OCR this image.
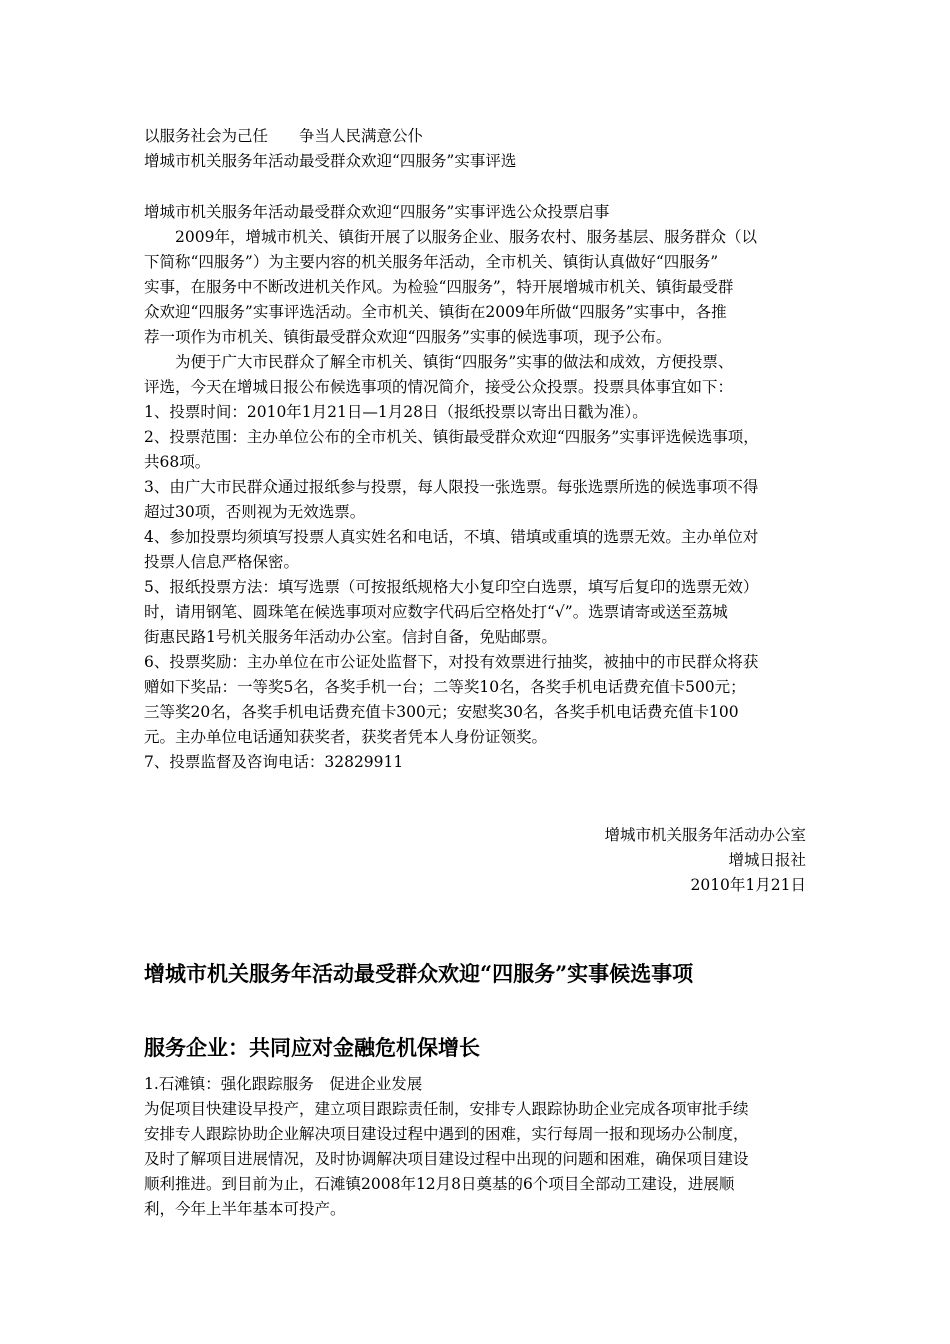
以服务社会为己任　　争当人民满意公仆
增城市机关服务年活动最受群众欢迎“四服务”实事评选
增城市机关服务年活动最受群众欢迎“四服务”实事评选公众投票启事
2009年，增城市机关、镇街开展了以服务企业、服务农村、服务基层、服务群众（以
下简称“四服务”）为主要内容的机关服务年活动，全市机关、镇街认真做好“四服务”
实事，在服务中不断改进机关作风。为检验“四服务”，特开展增城市机关、镇街最受群
众欢迎“四服务”实事评选活动。全市机关、镇街在2009年所做“四服务”实事中，各推
荐一项作为市机关、镇街最受群众欢迎“四服务”实事的候选事项，现予公布。
为便于广大市民群众了解全市机关、镇街“四服务”实事的做法和成效，方便投票、
评选，今天在增城日报公布候选事项的情况简介，接受公众投票。投票具体事宜如下：
1、投票时间：2010年1月21日—1月28日（报纸投票以寄出日戳为准）。
2、投票范围：主办单位公布的全市机关、镇街最受群众欢迎“四服务”实事评选候选事项，
共68项。
3、由广大市民群众通过报纸参与投票，每人限投一张选票。每张选票所选的候选事项不得
超过30项，否则视为无效选票。
4、参加投票均须填写投票人真实姓名和电话，不填、错填或重填的选票无效。主办单位对
投票人信息严格保密。
5、报纸投票方法：填写选票（可按报纸规格大小复印空白选票，填写后复印的选票无效）
时，请用钢笔、圆珠笔在候选事项对应数字代码后空格处打“√”。选票请寄或送至荔城
街惠民路1号机关服务年活动办公室。信封自备，免贴邮票。
6、投票奖励：主办单位在市公证处监督下，对投有效票进行抽奖，被抽中的市民群众将获
赠如下奖品：一等奖5名，各奖手机一台；二等奖10名，各奖手机电话费充值卡500元；
三等奖20名，各奖手机电话费充值卡300元；安慰奖30名，各奖手机电话费充值卡100
元。主办单位电话通知获奖者，获奖者凭本人身份证领奖。
7、投票监督及咨询电话：32829911
增城市机关服务年活动办公室
增城日报社
2010年1月21日
增城市机关服务年活动最受群众欢迎“四服务”实事候选事项
服务企业：共同应对金融危机保增长
1.石滩镇：强化跟踪服务　促进企业发展
为促项目快建设早投产，建立项目跟踪责任制，安排专人跟踪协助企业完成各项审批手续
安排专人跟踪协助企业解决项目建设过程中遇到的困难，实行每周一报和现场办公制度，
及时了解项目进展情况，及时协调解决项目建设过程中出现的问题和困难，确保项目建设
顺利推进。到目前为止，石滩镇2008年12月8日奠基的6个项目全部动工建设，进展顺
利，今年上半年基本可投产。
